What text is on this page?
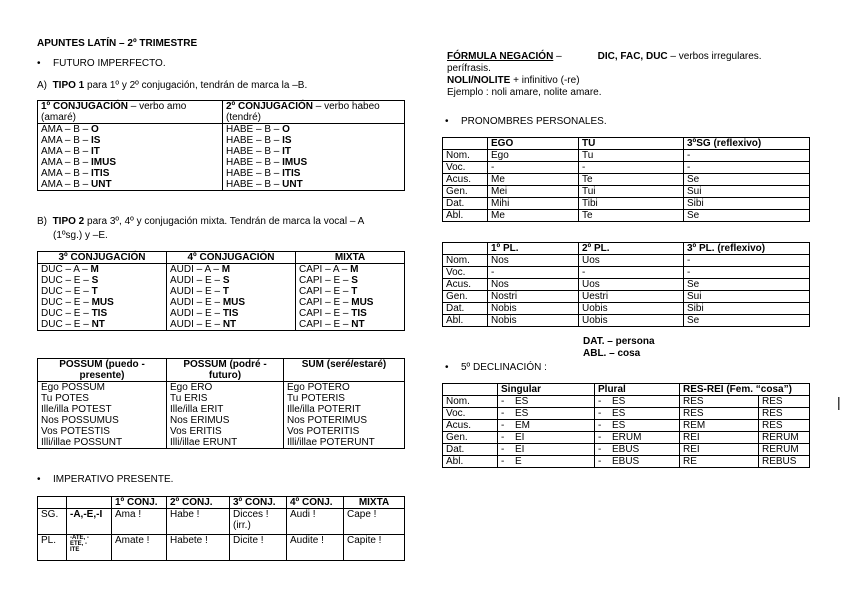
APUNTES LATÍN – 2º TRIMESTRE
• FUTURO IMPERFECTO.
A) TIPO 1 para 1º y 2º conjugación, tendrán de marca la –B.
1º CONJUGACIÓN – verbo amo (amaré)	2º CONJUGACIÓN – verbo habeo (tendré)
AMA – B – O	HABE – B – O
AMA – B – IS	HABE – B – IS
AMA – B – IT	HABE – B – IT
AMA – B – IMUS	HABE – B – IMUS
AMA – B – ITIS	HABE – B – ITIS
AMA – B – UNT	HABE – B – UNT
B) TIPO 2 para 3º, 4º y conjugación mixta. Tendrán de marca la vocal – A
(1ºsg.) y –E.
3º CONJUGACIÓN	4º CONJUGACIÓN	MIXTA
DUC – A – M	AUDI – A – M	CAPI – A – M
DUC – E – S	AUDI – E – S	CAPI – E – S
DUC – E – T	AUDI – E – T	CAPI – E – T
DUC – E – MUS	AUDI – E – MUS	CAPI – E – MUS
DUC – E – TIS	AUDI – E – TIS	CAPI – E – TIS
DUC – E – NT	AUDI – E – NT	CAPI – E – NT
POSSUM (puedo - presente)	POSSUM (podré - futuro)	SUM (seré/estaré)
Ego POSSUM	Ego ERO	Ego POTERO
Tu POTES	Tu ERIS	Tu POTERIS
Ille/illa POTEST	Ille/illa ERIT	Ille/illa POTERIT
Nos POSSUMUS	Nos ERIMUS	Nos POTERIMUS
Vos POTESTIS	Vos ERITIS	Vos POTERITIS
Illi/illae POSSUNT	Illi/illae ERUNT	Illi/illae POTERUNT
• IMPERATIVO PRESENTE.
		1º CONJ.	2º CONJ.	3º CONJ.	4º CONJ.	MIXTA
SG.	-A,-E,-I	Ama !	Habe !	Dicces ! (irr.)	Audi !	Cape !
PL.	-ATE, -
ETE, -
ITE	Amate !	Habete !	Dicite !	Audite !	Capite !
FÓRMULA NEGACIÓN –	DIC, FAC, DUC – verbos irregulares.
perífrasis.
NOLI/NOLITE + infinitivo (-re)
Ejemplo : noli amare, nolite amare.
• PRONOMBRES PERSONALES.
	EGO	TU	3ºSG (reflexivo)
Nom.	Ego	Tu	-
Voc.	-	-	-
Acus.	Me	Te	Se
Gen.	Mei	Tui	Sui
Dat.	Mihi	Tibi	Sibi
Abl.	Me	Te	Se
	1º PL.	2º PL.	3º PL. (reflexivo)
Nom.	Nos	Uos	-
Voc.	-	-	-
Acus.	Nos	Uos	Se
Gen.	Nostri	Uestri	Sui
Dat.	Nobis	Uobis	Sibi
Abl.	Nobis	Uobis	Se
DAT. – persona
ABL. – cosa
• 5º DECLINACIÓN :
	Singular	Plural	RES-REI (Fem. “cosa”)	
Nom.	- ES	- ES	RES	RES
Voc.	- ES	- ES	RES	RES
Acus.	- EM	- ES	REM	RES
Gen.	- EI	- ERUM	REI	RERUM
Dat.	- EI	- EBUS	REI	RERUM
Abl.	- E	- EBUS	RE	REBUS
|
